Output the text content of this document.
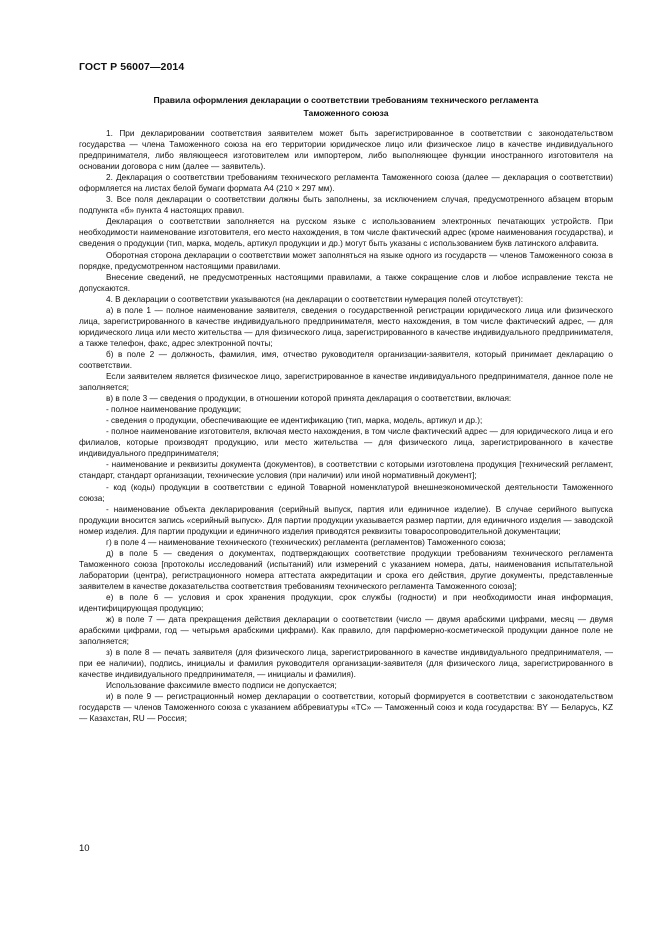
ГОСТ Р 56007—2014
Правила оформления декларации о соответствии требованиям технического регламента
Таможенного союза

1. При декларировании соответствия заявителем может быть зарегистрированное в соответствии с законодательством государства — члена Таможенного союза на его территории юридическое лицо или физическое лицо в качестве индивидуального предпринимателя, либо являющееся изготовителем или импортером, либо выполняющее функции иностранного изготовителя на основании договора с ним (далее — заявитель).

2. Декларация о соответствии требованиям технического регламента Таможенного союза (далее — декларация о соответствии) оформляется на листах белой бумаги формата А4 (210 × 297 мм).

3. Все поля декларации о соответствии должны быть заполнены, за исключением случая, предусмотренного абзацем вторым подпункта «б» пункта 4 настоящих правил.

Декларация о соответствии заполняется на русском языке с использованием электронных печатающих устройств. При необходимости наименование изготовителя, его место нахождения, в том числе фактический адрес (кроме наименования государства), и сведения о продукции (тип, марка, модель, артикул продукции и др.) могут быть указаны с использованием букв латинского алфавита.

Оборотная сторона декларации о соответствии может заполняться на языке одного из государств — членов Таможенного союза в порядке, предусмотренном настоящими правилами.

Внесение сведений, не предусмотренных настоящими правилами, а также сокращение слов и любое исправление текста не допускаются.

4. В декларации о соответствии указываются (на декларации о соответствии нумерация полей отсутствует):

а) в поле 1 — полное наименование заявителя, сведения о государственной регистрации юридического лица или физического лица, зарегистрированного в качестве индивидуального предпринимателя, место нахождения, в том числе фактический адрес, — для юридического лица или место жительства — для физического лица, зарегистрированного в качестве индивидуального предпринимателя, а также телефон, факс, адрес электронной почты;

б) в поле 2 — должность, фамилия, имя, отчество руководителя организации-заявителя, который принимает декларацию о соответствии.

Если заявителем является физическое лицо, зарегистрированное в качестве индивидуального предпринимателя, данное поле не заполняется;

в) в поле 3 — сведения о продукции, в отношении которой принята декларация о соответствии, включая:

- полное наименование продукции;

- сведения о продукции, обеспечивающие ее идентификацию (тип, марка, модель, артикул и др.);

- полное наименование изготовителя, включая место нахождения, в том числе фактический адрес — для юридического лица и его филиалов, которые производят продукцию, или место жительства — для физического лица, зарегистрированного в качестве индивидуального предпринимателя;

- наименование и реквизиты документа (документов), в соответствии с которыми изготовлена продукция [технический регламент, стандарт, стандарт организации, технические условия (при наличии) или иной нормативный документ];

- код (коды) продукции в соответствии с единой Товарной номенклатурой внешнеэкономической деятельности Таможенного союза;

- наименование объекта декларирования (серийный выпуск, партия или единичное изделие). В случае серийного выпуска продукции вносится запись «серийный выпуск». Для партии продукции указывается размер партии, для единичного изделия — заводской номер изделия. Для партии продукции и единичного изделия приводятся реквизиты товаросопроводительной документации;

г) в поле 4 — наименование технического (технических) регламента (регламентов) Таможенного союза;

д) в поле 5 — сведения о документах, подтверждающих соответствие продукции требованиям технического регламента Таможенного союза [протоколы исследований (испытаний) или измерений с указанием номера, даты, наименования испытательной лаборатории (центра), регистрационного номера аттестата аккредитации и срока его действия, другие документы, представленные заявителем в качестве доказательства соответствия требованиям технического регламента Таможенного союза];

е) в поле 6 — условия и срок хранения продукции, срок службы (годности) и при необходимости иная информация, идентифицирующая продукцию;

ж) в поле 7 — дата прекращения действия декларации о соответствии (число — двумя арабскими цифрами, месяц — двумя арабскими цифрами, год — четырьмя арабскими цифрами). Как правило, для парфюмерно-косметической продукции данное поле не заполняется;

з) в поле 8 — печать заявителя (для физического лица, зарегистрированного в качестве индивидуального предпринимателя, — при ее наличии), подпись, инициалы и фамилия руководителя организации-заявителя (для физического лица, зарегистрированного в качестве индивидуального предпринимателя, — инициалы и фамилия).

Использование факсимиле вместо подписи не допускается;

и) в поле 9 — регистрационный номер декларации о соответствии, который формируется в соответствии с законодательством государств — членов Таможенного союза с указанием аббревиатуры «ТС» — Таможенный союз и кода государства: BY — Беларусь, KZ — Казахстан, RU — Россия;

10
